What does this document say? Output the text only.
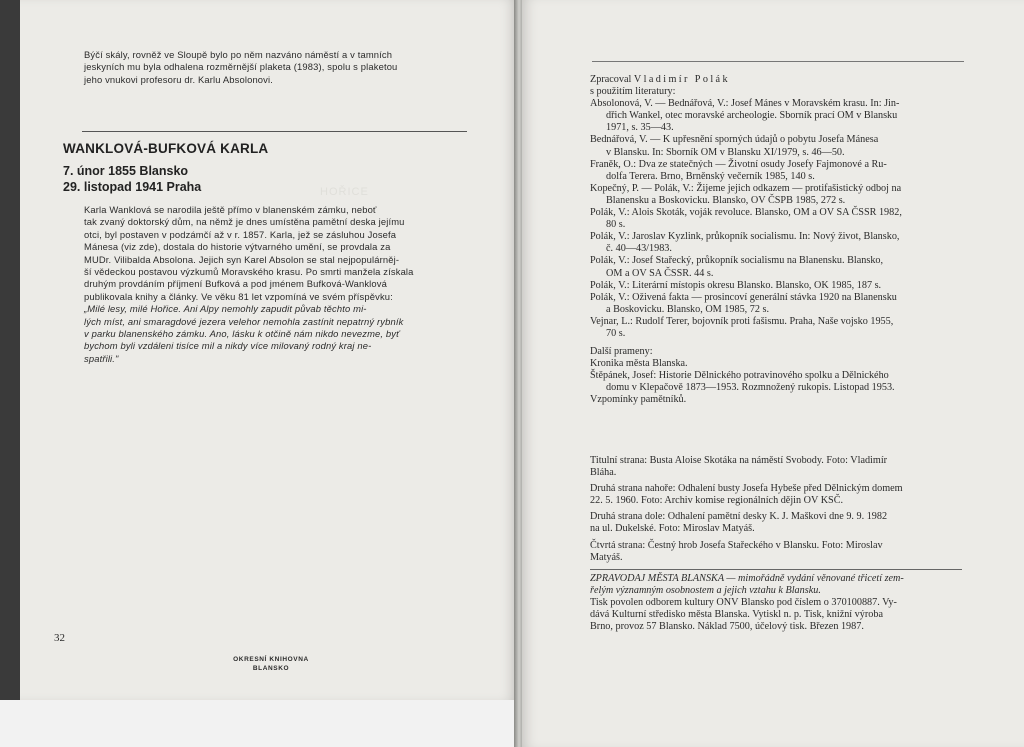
HOŘICE

Býčí skály, rovněž ve Sloupě bylo po něm nazváno náměstí a v tamních

jeskyních mu byla odhalena rozměrnější plaketa (1983), spolu s plaketou

jeho vnukovi profesoru dr. Karlu Absolonovi.

WANKLOVÁ-BUFKOVÁ KARLA
7. únor 1855 Blansko
29. listopad 1941 Praha

Karla Wanklová se narodila ještě přímo v blanenském zámku, neboť

tak zvaný doktorský dům, na němž je dnes umístěna pamětní deska jejímu

otci, byl postaven v podzámčí až v r. 1857. Karla, jež se zásluhou Josefa

Mánesa (viz zde), dostala do historie výtvarného umění, se provdala za

MUDr. Vilibalda Absolona. Jejich syn Karel Absolon se stal nejpopulárněj-

ší vědeckou postavou výzkumů Moravského krasu. Po smrti manžela získala

druhým provdáním příjmení Bufková a pod jménem Bufková-Wanklová

publikovala knihy a články. Ve věku 81 let vzpomíná ve svém příspěvku:

„Milé lesy, milé Hořice. Ani Alpy nemohly zapudit půvab těchto mi-

lých míst, ani smaragdové jezera velehor nemohla zastínit nepatrný rybník

v parku blanenského zámku. Ano, lásku k otčině nám nikdo nevezme, byť

bychom byli vzdáleni tisíce mil a nikdy více milovaný rodný kraj ne-

spatřili."

32
OKRESNÍ KNIHOVNA
BLANSKO
Zpracoval Vladimír Polák
s použitím literatury:
Absolonová, V. — Bednářová, V.: Josef Mánes v Moravském krasu. In: Jin-
dřich Wankel, otec moravské archeologie. Sborník prací OM v Blansku
1971, s. 35—43.
Bednářová, V. — K upřesnění sporných údajů o pobytu Josefa Mánesa
v Blansku. In: Sborník OM v Blansku XI/1979, s. 46—50.
Franěk, O.: Dva ze statečných — Životní osudy Josefy Fajmonové a Ru-
dolfa Terera. Brno, Brněnský večerník 1985, 140 s.
Kopečný, P. — Polák, V.: Žijeme jejich odkazem — protifašistický odboj na
Blanensku a Boskovicku. Blansko, OV ČSPB 1985, 272 s.
Polák, V.: Alois Skoták, voják revoluce. Blansko, OM a OV SA ČSSR 1982,
80 s.
Polák, V.: Jaroslav Kyzlink, průkopník socialismu. In: Nový život, Blansko,
č. 40—43/1983.
Polák, V.: Josef Stařecký, průkopník socialismu na Blanensku. Blansko,
OM a OV SA ČSSR. 44 s.
Polák, V.: Literární místopis okresu Blansko. Blansko, OK 1985, 187 s.
Polák, V.: Oživená fakta — prosincoví generální stávka 1920 na Blanensku
a Boskovicku. Blansko, OM 1985, 72 s.
Vejnar, L.: Rudolf Terer, bojovník proti fašismu. Praha, Naše vojsko 1955,
70 s.
Další prameny:
Kronika města Blanska.
Štěpánek, Josef: Historie Dělnického potravinového spolku a Dělnického
domu v Klepačově 1873—1953. Rozmnožený rukopis. Listopad 1953.
Vzpomínky pamětníků.
Titulní strana: Busta Aloise Skotáka na náměstí Svobody. Foto: Vladimír
Bláha.
Druhá strana nahoře: Odhalení busty Josefa Hybeše před Dělnickým domem
22. 5. 1960. Foto: Archiv komise regionálních dějin OV KSČ.
Druhá strana dole: Odhalení pamětní desky K. J. Maškovi dne 9. 9. 1982
na ul. Dukelské. Foto: Miroslav Matyáš.
Čtvrtá strana: Čestný hrob Josefa Stařeckého v Blansku. Foto: Miroslav
Matyáš.
ZPRAVODAJ MĚSTA BLANSKA — mimořádně vydání věnované třicetí zem-
řelým významným osobnostem a jejich vztahu k Blansku.
Tisk povolen odborem kultury ONV Blansko pod číslem o 370100887. Vy-
dává Kulturní středisko města Blanska. Vytiskl n. p. Tisk, knižní výroba
Brno, provoz 57 Blansko. Náklad 7500, účelový tisk. Březen 1987.
